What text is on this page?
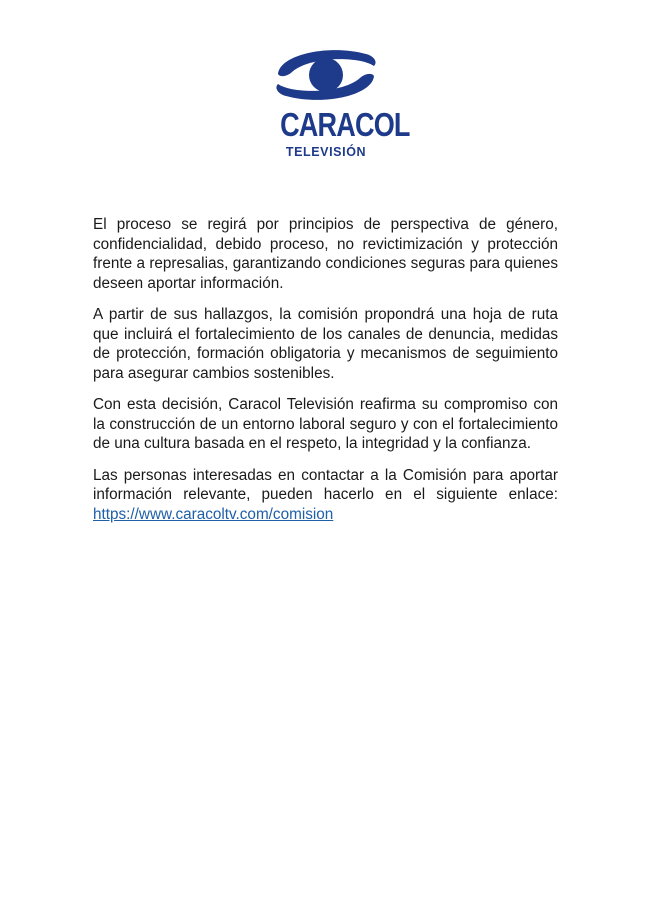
CARACOL
TELEVISIÓN

El proceso se regirá por principios de perspectiva de género, confidencialidad, debido proceso, no revictimización y protección frente a represalias, garantizando condiciones seguras para quienes deseen aportar información.

A partir de sus hallazgos, la comisión propondrá una hoja de ruta que incluirá el fortalecimiento de los canales de denuncia, medidas de protección, formación obligatoria y mecanismos de seguimiento para asegurar cambios sostenibles.

Con esta decisión, Caracol Televisión reafirma su compromiso con la construcción de un entorno laboral seguro y con el fortalecimiento de una cultura basada en el respeto, la integridad y la confianza.

Las personas interesadas en contactar a la Comisión para aportar información relevante, pueden hacerlo en el siguiente enlace: https://www.caracoltv.com/comision
